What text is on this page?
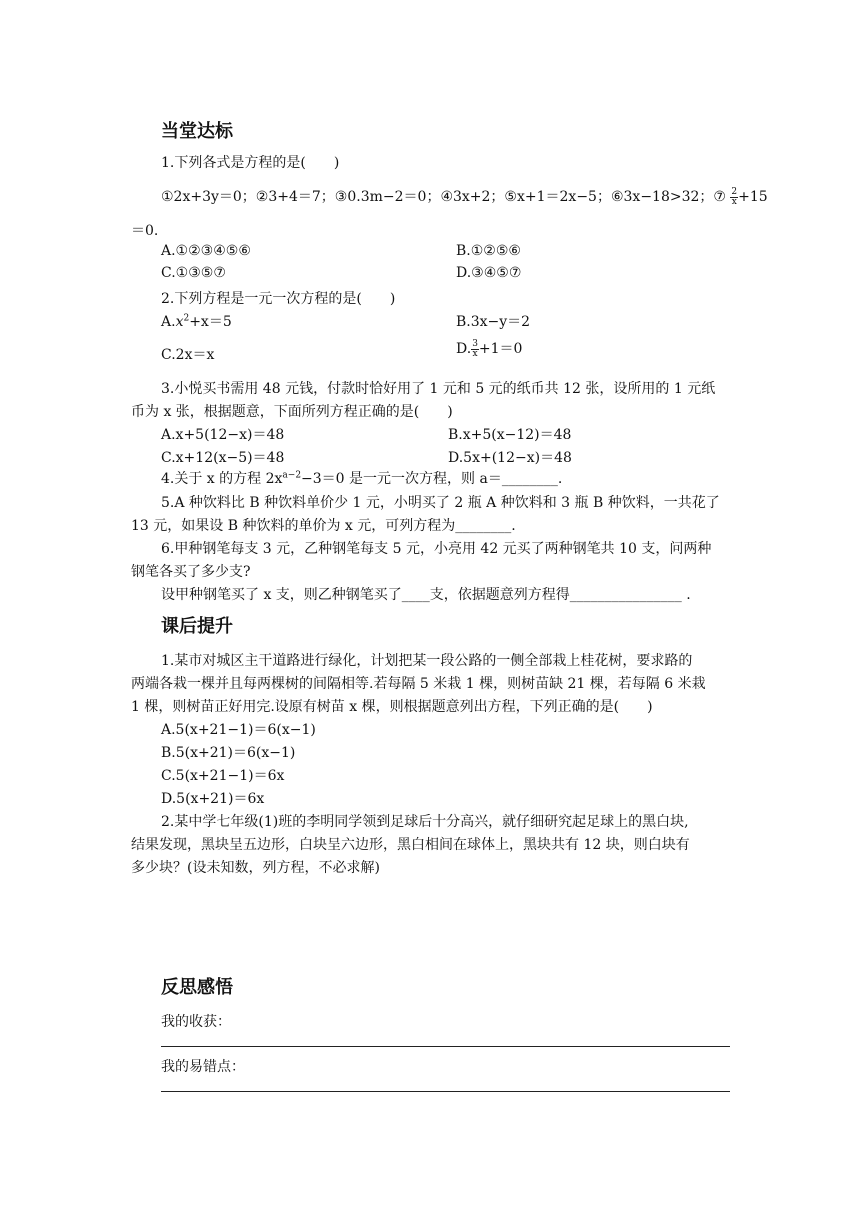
当堂达标
1.下列各式是方程的是(　　)
①2x+3y＝0；②3+4＝7；③0.3m−2＝0；④3x+2；⑤x+1＝2x−5；⑥3x−18>32；⑦ $\frac{2}{x} +15$
＝0.
A.①②③④⑤⑥	B.①②⑤⑥
C.①③⑤⑦	D.③④⑤⑦
2.下列方程是一元一次方程的是(　　)
$A.x^2+x=5$	B.3x−y＝2
C.2x＝x	D. $\frac{3}{x} +1=0$
3.小悦买书需用 48 元钱，付款时恰好用了 1 元和 5 元的纸币共 12 张，设所用的 1 元纸
币为 x 张，根据题意，下面所列方程正确的是(　　)
A.x+5(12−x)＝48	B.x+5(x−12)＝48
C.x+12(x−5)＝48	D.5x+(12−x)＝48
4.关于 x 的方程 $2x^{a-2}-3=0$ 是一元一次方程，则 a＝________.
5.A 种饮料比 B 种饮料单价少 1 元，小明买了 2 瓶 A 种饮料和 3 瓶 B 种饮料，一共花了
13 元，如果设 B 种饮料的单价为 x 元，可列方程为________.
6.甲种钢笔每支 3 元，乙种钢笔每支 5 元，小亮用 42 元买了两种钢笔共 10 支，问两种
钢笔各买了多少支?
设甲种钢笔买了 x 支，则乙种钢笔买了____支，依据题意列方程得________________ .
课后提升
1.某市对城区主干道路进行绿化，计划把某一段公路的一侧全部栽上桂花树，要求路的
两端各栽一棵并且每两棵树的间隔相等.若每隔 5 米栽 1 棵，则树苗缺 21 棵，若每隔 6 米栽
1 棵，则树苗正好用完.设原有树苗 x 棵，则根据题意列出方程，下列正确的是(　　)
A.5(x+21−1)＝6(x−1)
B.5(x+21)＝6(x−1)
C.5(x+21−1)＝6x
D.5(x+21)＝6x
2.某中学七年级(1)班的李明同学领到足球后十分高兴，就仔细研究起足球上的黑白块,
结果发现，黑块呈五边形，白块呈六边形，黑白相间在球体上，黑块共有 12 块，则白块有
多少块？(设未知数，列方程，不必求解)
反思感悟
我的收获：
我的易错点：
